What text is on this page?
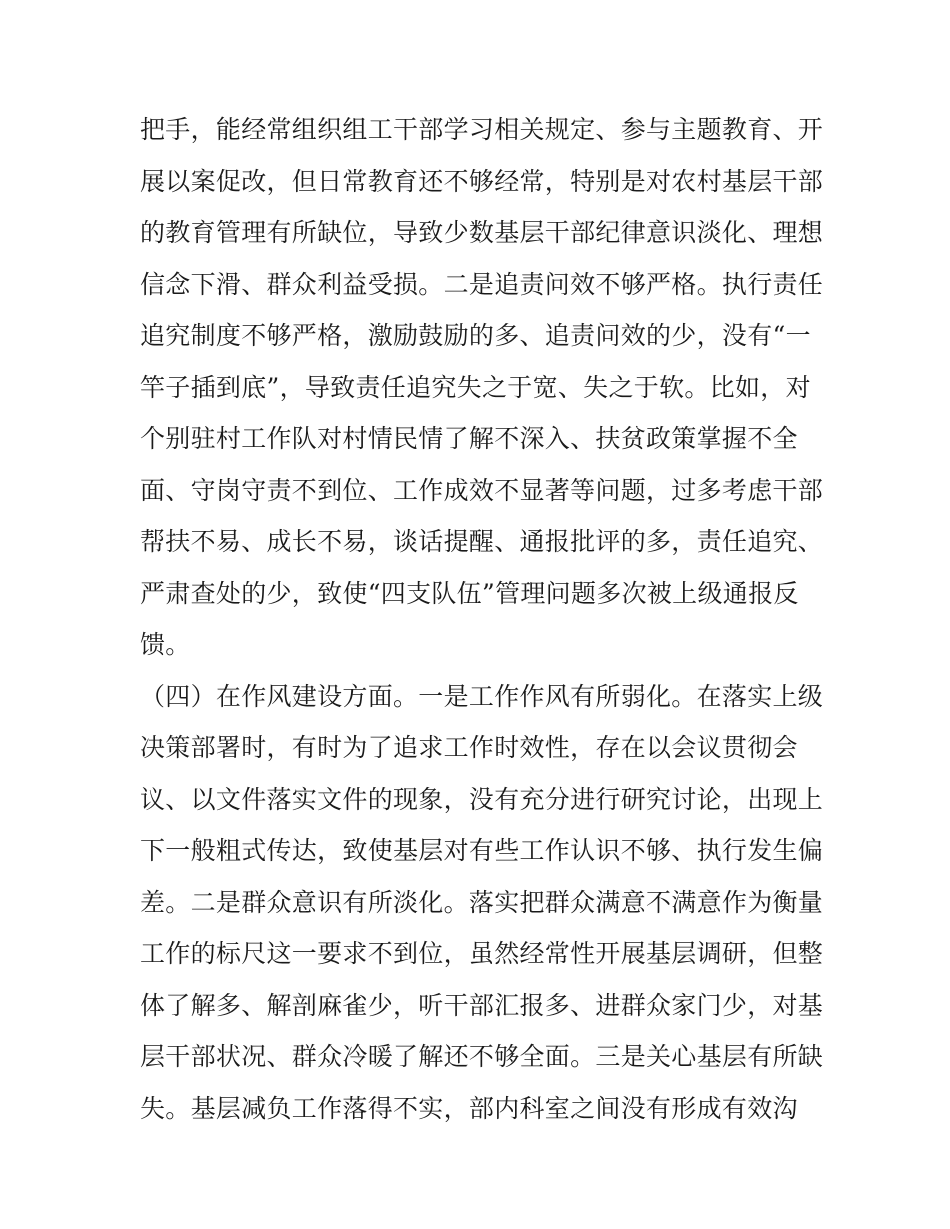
把手，能经常组织组工干部学习相关规定、参与主题教育、开
展以案促改，但日常教育还不够经常，特别是对农村基层干部
的教育管理有所缺位，导致少数基层干部纪律意识淡化、理想
信念下滑、群众利益受损。二是追责问效不够严格。执行责任
追究制度不够严格，激励鼓励的多、追责问效的少，没有“一
竿子插到底”，导致责任追究失之于宽、失之于软。比如，对
个别驻村工作队对村情民情了解不深入、扶贫政策掌握不全
面、守岗守责不到位、工作成效不显著等问题，过多考虑干部
帮扶不易、成长不易，谈话提醒、通报批评的多，责任追究、
严肃查处的少，致使“四支队伍”管理问题多次被上级通报反
馈。
（四）在作风建设方面。一是工作作风有所弱化。在落实上级
决策部署时，有时为了追求工作时效性，存在以会议贯彻会
议、以文件落实文件的现象，没有充分进行研究讨论，出现上
下一般粗式传达，致使基层对有些工作认识不够、执行发生偏
差。二是群众意识有所淡化。落实把群众满意不满意作为衡量
工作的标尺这一要求不到位，虽然经常性开展基层调研，但整
体了解多、解剖麻雀少，听干部汇报多、进群众家门少，对基
层干部状况、群众冷暖了解还不够全面。三是关心基层有所缺
失。基层减负工作落得不实，部内科室之间没有形成有效沟
